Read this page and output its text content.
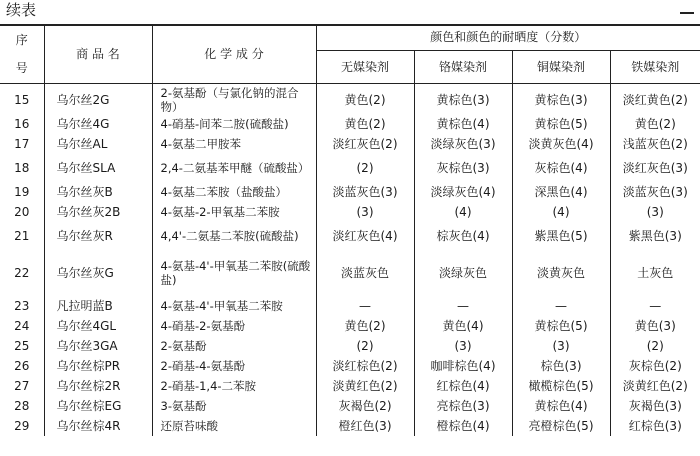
续表
序
号	商 品 名	化 学 成 分	颜色和颜色的耐晒度（分数）			
			无媒染剂	铬媒染剂	铜媒染剂	铁媒染剂
15	乌尔丝2G	2-氨基酚（与氯化钠的混合物）	黄色(2)	黄棕色(3)	黄棕色(3)	淡红黄色(2)
16	乌尔丝4G	4-硝基-间苯二胺(硫酸盐)	黄色(2)	黄棕色(4)	黄棕色(5)	黄色(2)
17	乌尔丝AL	4-氨基二甲胺苯	淡红灰色(2)	淡绿灰色(3)	淡黄灰色(4)	浅蓝灰色(2)
18	乌尔丝SLA	2,4-二氨基苯甲醚（硫酸盐）	(2)	灰棕色(3)	灰棕色(4)	淡红灰色(3)
19	乌尔丝灰B	4-氨基二苯胺（盐酸盐）	淡蓝灰色(3)	淡绿灰色(4)	深黑色(4)	淡蓝灰色(3)
20	乌尔丝灰2B	4-氨基-2-甲氧基二苯胺	(3)	(4)	(4)	(3)
21	乌尔丝灰R	4,4'-二氨基二苯胺(硫酸盐)	淡红灰色(4)	棕灰色(4)	紫黑色(5)	紫黑色(3)
22	乌尔丝灰G	4-氨基-4'-甲氧基二苯胺(硫酸盐)	淡蓝灰色	淡绿灰色	淡黄灰色	土灰色
23	凡拉明蓝B	4-氨基-4'-甲氧基二苯胺	—	—	—	—
24	乌尔丝4GL	4-硝基-2-氨基酚	黄色(2)	黄色(4)	黄棕色(5)	黄色(3)
25	乌尔丝3GA	2-氨基酚	(2)	(3)	(3)	(2)
26	乌尔丝棕PR	2-硝基-4-氨基酚	淡红棕色(2)	咖啡棕色(4)	棕色(3)	灰棕色(2)
27	乌尔丝棕2R	2-硝基-1,4-二苯胺	淡黄红色(2)	红棕色(4)	橄榄棕色(5)	淡黄红色(2)
28	乌尔丝棕EG	3-氨基酚	灰褐色(2)	亮棕色(3)	黄棕色(4)	灰褐色(3)
29	乌尔丝棕4R	还原苔味酸	橙红色(3)	橙棕色(4)	亮橙棕色(5)	红棕色(3)
